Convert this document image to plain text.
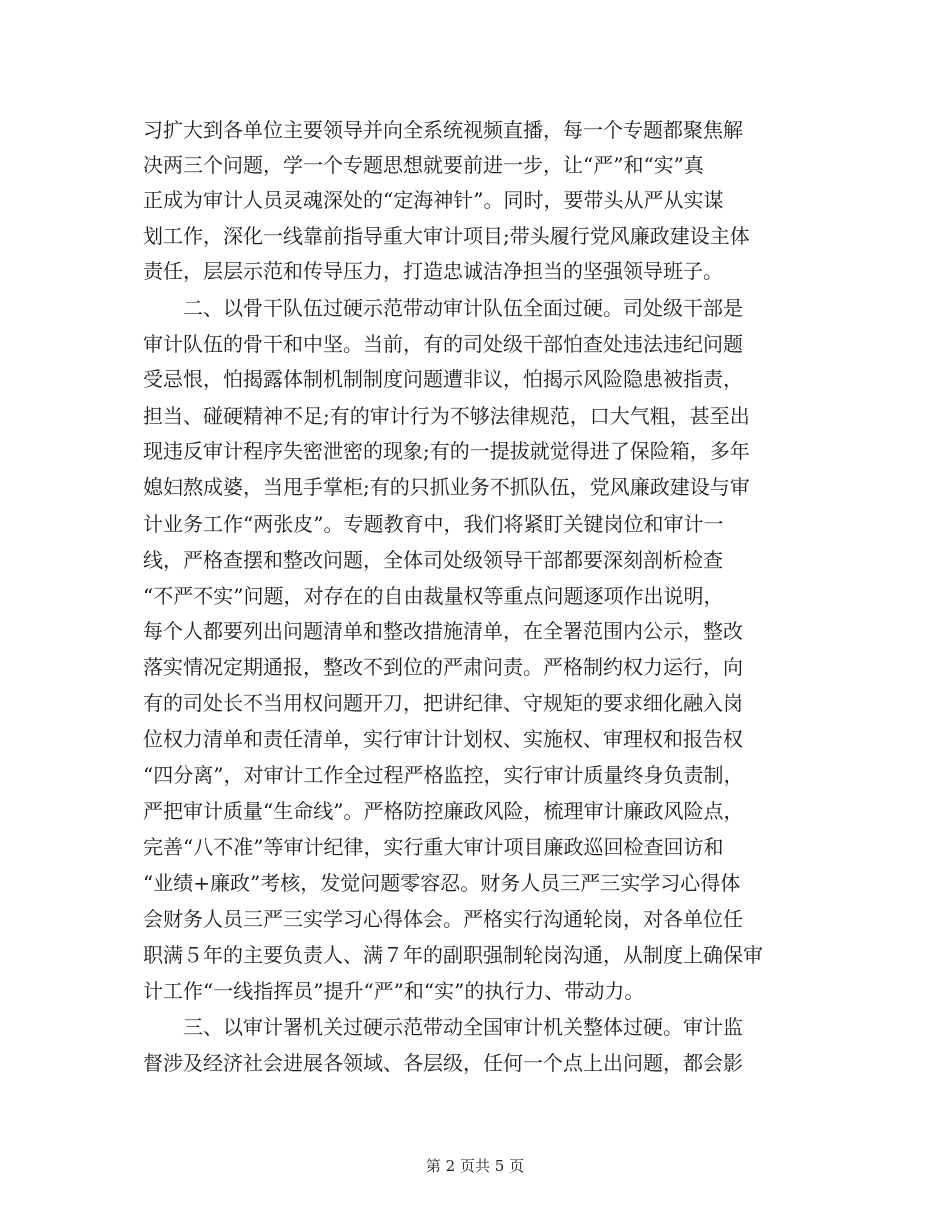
习扩大到各单位主要领导并向全系统视频直播，每一个专题都聚焦解
决两三个问题，学一个专题思想就要前进一步，让“严”和“实”真
正成为审计人员灵魂深处的“定海神针”。同时，要带头从严从实谋
划工作，深化一线靠前指导重大审计项目;带头履行党风廉政建设主体
责任，层层示范和传导压力，打造忠诚洁净担当的坚强领导班子。
二、以骨干队伍过硬示范带动审计队伍全面过硬。司处级干部是
审计队伍的骨干和中坚。当前，有的司处级干部怕查处违法违纪问题
受忌恨，怕揭露体制机制制度问题遭非议，怕揭示风险隐患被指责，
担当、碰硬精神不足;有的审计行为不够法律规范，口大气粗，甚至出
现违反审计程序失密泄密的现象;有的一提拔就觉得进了保险箱，多年
媳妇熬成婆，当甩手掌柜;有的只抓业务不抓队伍，党风廉政建设与审
计业务工作“两张皮”。专题教育中，我们将紧盯关键岗位和审计一
线，严格查摆和整改问题，全体司处级领导干部都要深刻剖析检查
“不严不实”问题，对存在的自由裁量权等重点问题逐项作出说明，
每个人都要列出问题清单和整改措施清单，在全署范围内公示，整改
落实情况定期通报，整改不到位的严肃问责。严格制约权力运行，向
有的司处长不当用权问题开刀，把讲纪律、守规矩的要求细化融入岗
位权力清单和责任清单，实行审计计划权、实施权、审理权和报告权
“四分离”，对审计工作全过程严格监控，实行审计质量终身负责制，
严把审计质量“生命线”。严格防控廉政风险，梳理审计廉政风险点，
完善“八不准”等审计纪律，实行重大审计项目廉政巡回检查回访和
“业绩+廉政”考核，发觉问题零容忍。财务人员三严三实学习心得体
会财务人员三严三实学习心得体会。严格实行沟通轮岗，对各单位任
职满５年的主要负责人、满７年的副职强制轮岗沟通，从制度上确保审
计工作“一线指挥员”提升“严”和“实”的执行力、带动力。
三、以审计署机关过硬示范带动全国审计机关整体过硬。审计监
督涉及经济社会进展各领域、各层级，任何一个点上出问题，都会影
第 2 页共 5 页
